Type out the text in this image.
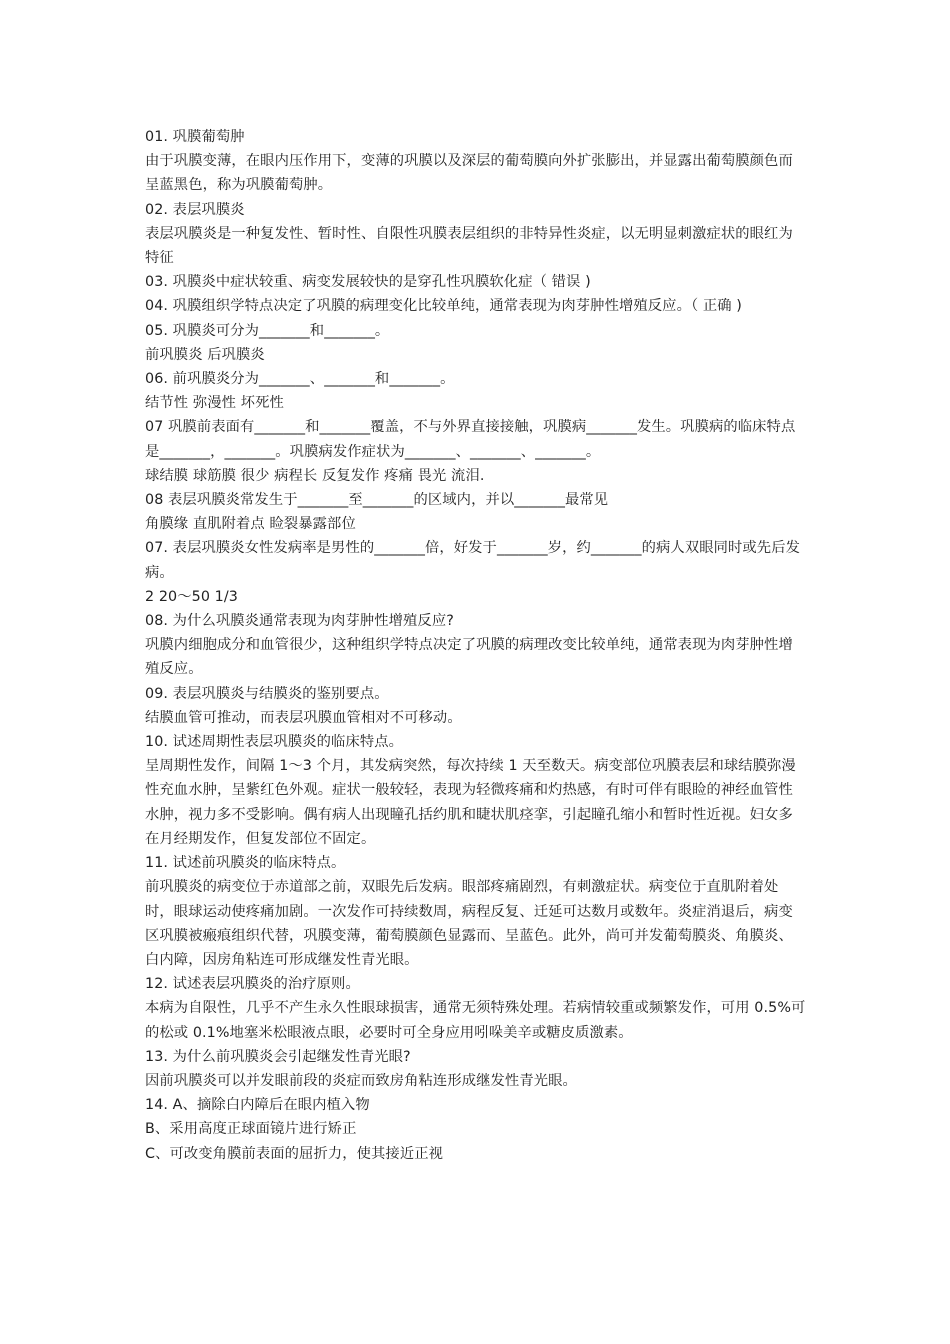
01. 巩膜葡萄肿

由于巩膜变薄，在眼内压作用下，变薄的巩膜以及深层的葡萄膜向外扩张膨出，并显露出葡萄膜颜色而呈蓝黑色，称为巩膜葡萄肿。

02. 表层巩膜炎

表层巩膜炎是一种复发性、暂时性、自限性巩膜表层组织的非特异性炎症，以无明显刺激症状的眼红为特征

03. 巩膜炎中症状较重、病变发展较快的是穿孔性巩膜软化症（ 错误 )

04. 巩膜组织学特点决定了巩膜的病理变化比较单纯，通常表现为肉芽肿性增殖反应。（ 正确 )

05. 巩膜炎可分为_______和_______。

前巩膜炎 后巩膜炎

06. 前巩膜炎分为_______、_______和_______。

结节性 弥漫性 坏死性

07 巩膜前表面有_______和_______覆盖，不与外界直接接触，巩膜病_______发生。巩膜病的临床特点是_______，_______。巩膜病发作症状为_______、_______、_______。

球结膜 球筋膜 很少 病程长 反复发作 疼痛 畏光 流泪.

08 表层巩膜炎常发生于_______至_______的区域内，并以_______最常见

角膜缘 直肌附着点 睑裂暴露部位

07. 表层巩膜炎女性发病率是男性的_______倍，好发于_______岁，约_______的病人双眼同时或先后发病。

2 20～50 1/3

08. 为什么巩膜炎通常表现为肉芽肿性增殖反应?

巩膜内细胞成分和血管很少，这种组织学特点决定了巩膜的病理改变比较单纯，通常表现为肉芽肿性增殖反应。

09. 表层巩膜炎与结膜炎的鉴别要点。

结膜血管可推动，而表层巩膜血管相对不可移动。

10. 试述周期性表层巩膜炎的临床特点。

呈周期性发作，间隔 1～3 个月，其发病突然，每次持续 1 天至数天。病变部位巩膜表层和球结膜弥漫性充血水肿，呈紫红色外观。症状一般较轻，表现为轻微疼痛和灼热感，有时可伴有眼睑的神经血管性水肿，视力多不受影响。偶有病人出现瞳孔括约肌和睫状肌痉挛，引起瞳孔缩小和暂时性近视。妇女多在月经期发作，但复发部位不固定。

11. 试述前巩膜炎的临床特点。

前巩膜炎的病变位于赤道部之前，双眼先后发病。眼部疼痛剧烈，有刺激症状。病变位于直肌附着处时，眼球运动使疼痛加剧。一次发作可持续数周，病程反复、迁延可达数月或数年。炎症消退后，病变区巩膜被瘢痕组织代替，巩膜变薄，葡萄膜颜色显露而、呈蓝色。此外，尚可并发葡萄膜炎、角膜炎、白内障，因房角粘连可形成继发性青光眼。

12. 试述表层巩膜炎的治疗原则。

本病为自限性，几乎不产生永久性眼球损害，通常无须特殊处理。若病情较重或频繁发作，可用 0.5%可的松或 0.1%地塞米松眼液点眼，必要时可全身应用吲哚美辛或糖皮质激素。

13. 为什么前巩膜炎会引起继发性青光眼?

因前巩膜炎可以并发眼前段的炎症而致房角粘连形成继发性青光眼。

14. A、摘除白内障后在眼内植入物

B、采用高度正球面镜片进行矫正

C、可改变角膜前表面的屈折力，使其接近正视
